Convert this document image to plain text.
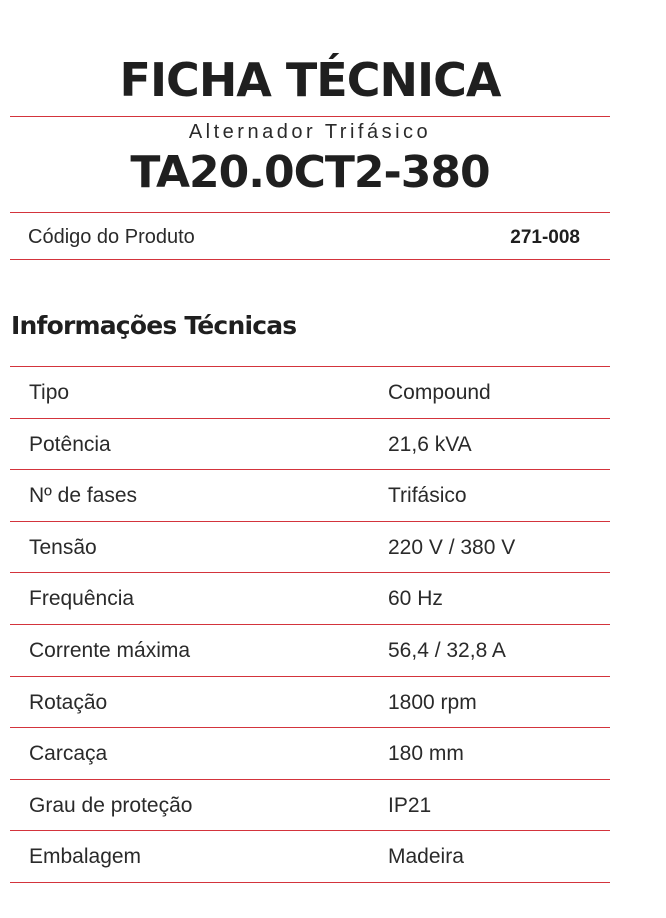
FICHA TÉCNICA
Alternador Trifásico
TA20.0CT2-380
Código do Produto	271-008
Informações Técnicas
Tipo	Compound
Potência	21,6 kVA
Nº de fases	Trifásico
Tensão	220 V / 380 V
Frequência	60 Hz
Corrente máxima	56,4 / 32,8 A
Rotação	1800 rpm
Carcaça	180 mm
Grau de proteção	IP21
Embalagem	Madeira
